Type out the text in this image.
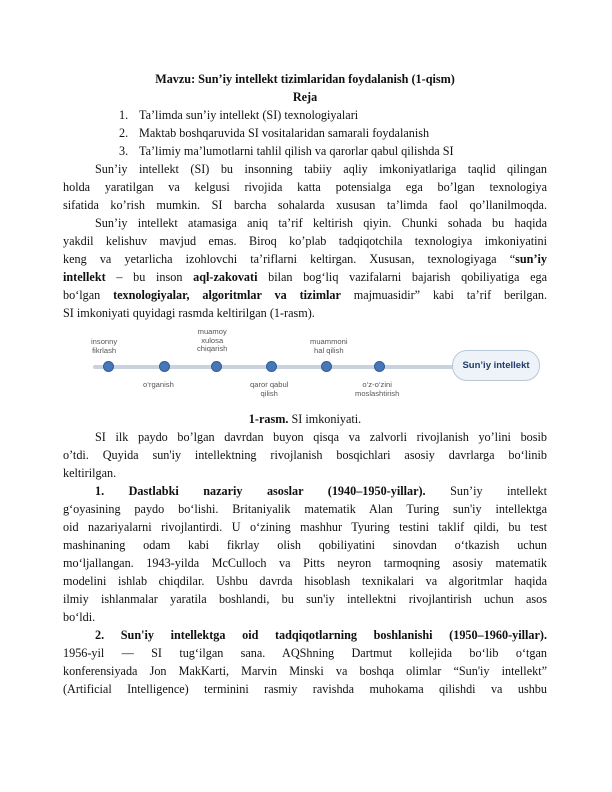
Mavzu: Sun’iy intellekt tizimlaridan foydalanish (1-qism)
Reja
1. Ta’limda sun’iy intellekt (SI) texnologiyalari
2. Maktab boshqaruvida SI vositalaridan samarali foydalanish
3. Ta’limiy ma’lumotlarni tahlil qilish va qarorlar qabul qilishda SI
Sun’iy intellekt (SI) bu insonning tabiiy aqliy imkoniyatlariga taqlid qilingan
holda yaratilgan va kelgusi rivojida katta potensialga ega bo’lgan texnologiya
sifatida ko’rish mumkin. SI barcha sohalarda xususan ta’limda faol qo’llanilmoqda.
Sun’iy intellekt atamasiga aniq ta’rif keltirish qiyin. Chunki sohada bu haqida
yakdil kelishuv mavjud emas. Biroq ko’plab tadqiqotchila texnologiya imkoniyatini
keng va yetarlicha izohlovchi ta’riflarni keltirgan. Xususan, texnologiyaga “sun’iy
intellekt – bu inson aql-zakovati bilan bog‘liq vazifalarni bajarish qobiliyatiga ega
bo‘lgan texnologiyalar, algoritmlar va tizimlar majmuasidir” kabi ta’rif berilgan.
SI imkoniyati quyidagi rasmda keltirilgan (1-rasm).
insonny
fikrlash
muamoy
xulosa
chiqarish
muammoni
hal qilish
o‘rganish	qaror qabul
qilish
o‘z-o‘zini
moslashtirish
Sun’iy intellekt
1-rasm. SI imkoniyati.
SI ilk paydo bo’lgan davrdan buyon qisqa va zalvorli rivojlanish yo’lini bosib
o’tdi. Quyida sun'iy intellektning rivojlanish bosqichlari asosiy davrlarga bo‘linib
keltirilgan.
1. Dastlabki nazariy asoslar (1940–1950-yillar). Sun’iy intellekt
g‘oyasining paydo bo‘lishi. Britaniyalik matematik Alan Turing sun'iy intellektga
oid nazariyalarni rivojlantirdi. U o‘zining mashhur Tyuring testini taklif qildi, bu test
mashinaning odam kabi fikrlay olish qobiliyatini sinovdan o‘tkazish uchun
mo‘ljallangan. 1943-yilda McCulloch va Pitts neyron tarmoqning asosiy matematik
modelini ishlab chiqdilar. Ushbu davrda hisoblash texnikalari va algoritmlar haqida
ilmiy ishlanmalar yaratila boshlandi, bu sun'iy intellektni rivojlantirish uchun asos
bo‘ldi.
2. Sun'iy intellektga oid tadqiqotlarning boshlanishi (1950–1960-yillar).
1956-yil — SI tug‘ilgan sana. AQShning Dartmut kollejida bo‘lib o‘tgan
konferensiyada Jon MakKarti, Marvin Minski va boshqa olimlar “Sun'iy intellekt”
(Artificial Intelligence) terminini rasmiy ravishda muhokama qilishdi va ushbu
